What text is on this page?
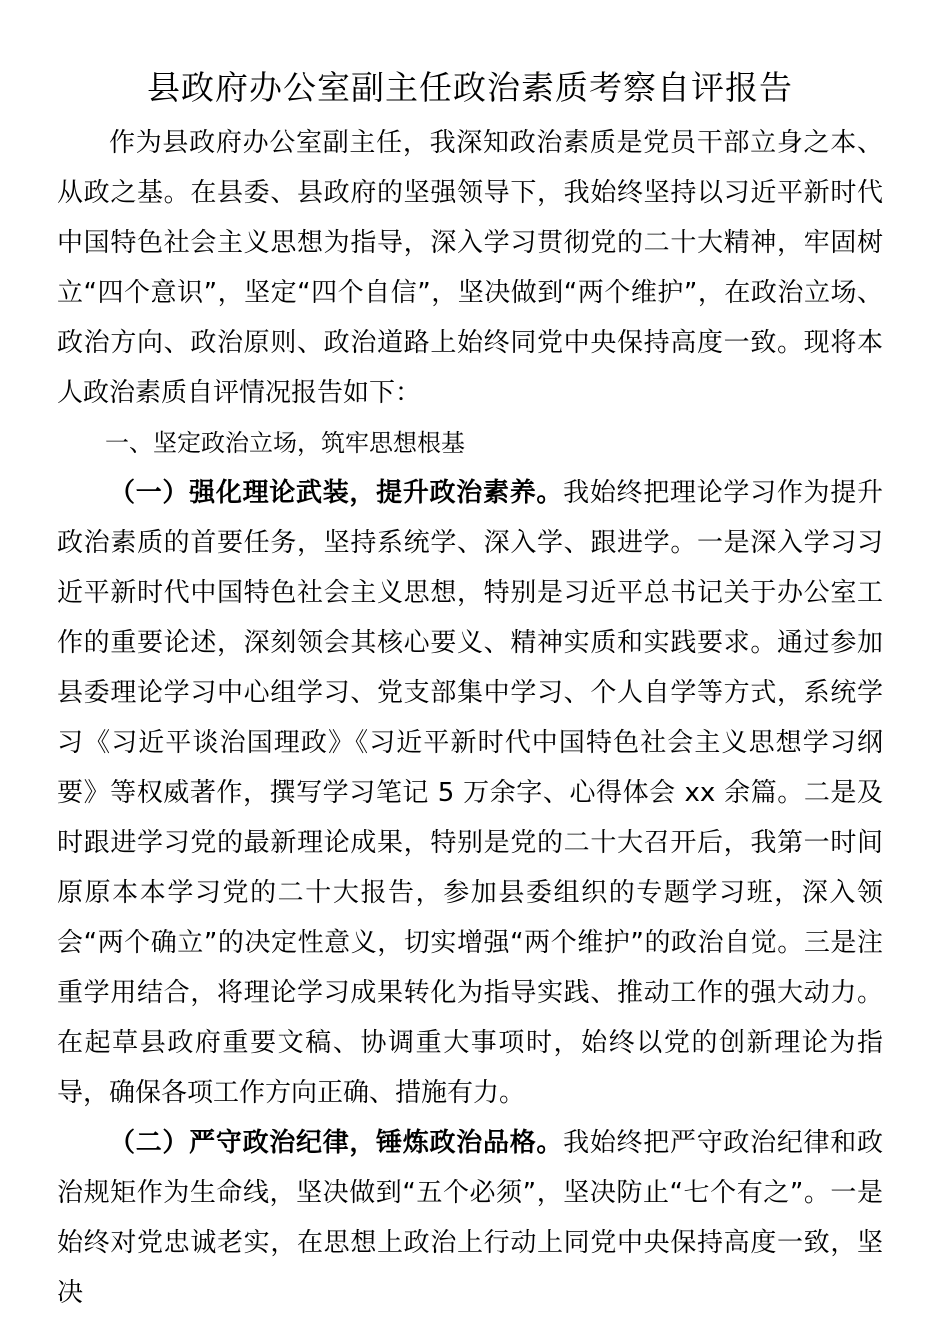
县政府办公室副主任政治素质考察自评报告

作为县政府办公室副主任，我深知政治素质是党员干部立身之本、从政之基。在县委、县政府的坚强领导下，我始终坚持以习近平新时代中国特色社会主义思想为指导，深入学习贯彻党的二十大精神，牢固树立“四个意识”，坚定“四个自信”，坚决做到“两个维护”，在政治立场、政治方向、政治原则、政治道路上始终同党中央保持高度一致。现将本人政治素质自评情况报告如下：

一、坚定政治立场，筑牢思想根基

（一）强化理论武装，提升政治素养。我始终把理论学习作为提升政治素质的首要任务，坚持系统学、深入学、跟进学。一是深入学习习近平新时代中国特色社会主义思想，特别是习近平总书记关于办公室工作的重要论述，深刻领会其核心要义、精神实质和实践要求。通过参加县委理论学习中心组学习、党支部集中学习、个人自学等方式，系统学习《习近平谈治国理政》《习近平新时代中国特色社会主义思想学习纲要》等权威著作，撰写学习笔记 5 万余字、心得体会 xx 余篇。二是及时跟进学习党的最新理论成果，特别是党的二十大召开后，我第一时间原原本本学习党的二十大报告，参加县委组织的专题学习班，深入领会“两个确立”的决定性意义，切实增强“两个维护”的政治自觉。三是注重学用结合，将理论学习成果转化为指导实践、推动工作的强大动力。在起草县政府重要文稿、协调重大事项时，始终以党的创新理论为指导，确保各项工作方向正确、措施有力。

（二）严守政治纪律，锤炼政治品格。我始终把严守政治纪律和政治规矩作为生命线，坚决做到“五个必须”，坚决防止“七个有之”。一是始终对党忠诚老实，在思想上政治上行动上同党中央保持高度一致，坚决
